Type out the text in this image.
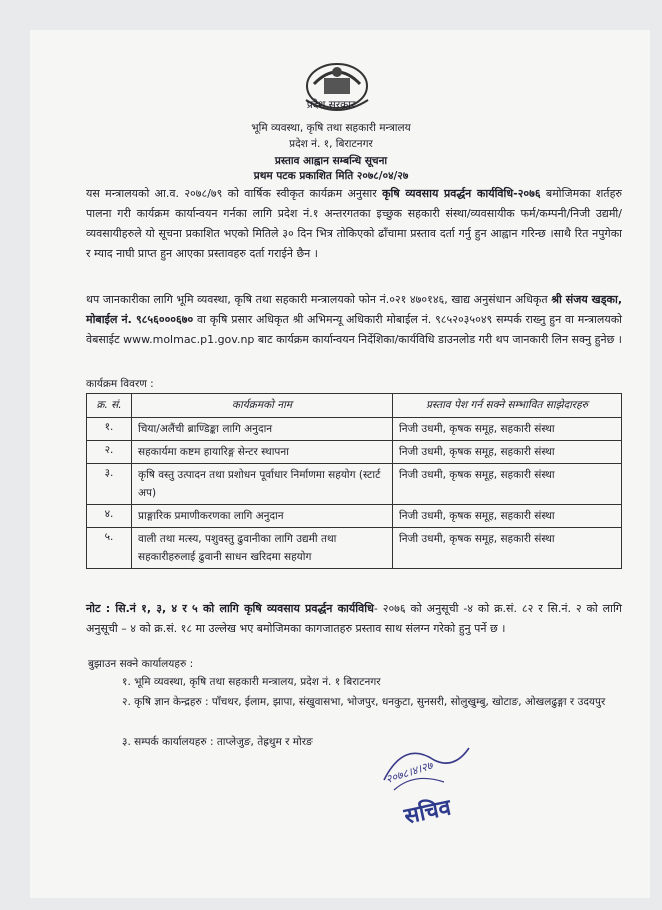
प्रदेश सरकार
भूमि व्यवस्था, कृषि तथा सहकारी मन्त्रालय
प्रदेश नं. १, बिराटनगर
प्रस्ताव आह्वान सम्बन्धि सूचना
प्रथम पटक प्रकाशित मिति २०७८/०४/२७

यस मन्त्रालयको आ.व. २०७८/७९ को वार्षिक स्वीकृत कार्यक्रम अनुसार कृषि व्यवसाय प्रवर्द्धन कार्यविधि-२०७६ बमोजिमका शर्तहरु पालना गरी कार्यक्रम कार्यान्वयन गर्नका लागि प्रदेश नं.१ अन्तरगतका इच्छुक सहकारी संस्था/व्यवसायीक फर्म/कम्पनी/निजी उद्यमी/व्यवसायीहरुले यो सूचना प्रकाशित भएको मितिले ३० दिन भित्र तोकिएको ढाँचामा प्रस्ताव दर्ता गर्नु हुन आह्वान गरिन्छ ।साथै रित नपुगेका र म्याद नाघी प्राप्त हुन आएका प्रस्तावहरु दर्ता गराईने छैन ।

थप जानकारीका लागि भूमि व्यवस्था, कृषि तथा सहकारी मन्त्रालयको फोन नं.०२१ ४७०१४६, खाद्य अनुसंधान अधिकृत श्री संजय खड्का, मोबाईल नं. ९८५६०००६७० वा कृषि प्रसार अधिकृत श्री अभिमन्यू अधिकारी मोबाईल नं. ९८५२०३५०४९ सम्पर्क राख्नु हुन वा मन्त्रालयको वेबसाईट www.molmac.p1.gov.np बाट कार्यक्रम कार्यान्वयन निर्देशिका/कार्यविधि डाउनलोड गरी थप जानकारी लिन सक्नु हुनेछ ।

कार्यक्रम विवरण :
क्र. सं.	कार्यक्रमको नाम	प्रस्ताव पेश गर्न सक्ने सम्भावित साझेदारहरु
१.	चिया/अलैंची ब्राण्डिङ्का लागि अनुदान	निजी उधमी, कृषक समूह, सहकारी संस्था
२.	सहकार्यमा कष्टम हायारिङ्ग सेन्टर स्थापना	निजी उधमी, कृषक समूह, सहकारी संस्था
३.	कृषि वस्तु उत्पादन तथा प्रशोधन पूर्वाधार निर्माणमा सहयोग (स्टार्ट अप)	निजी उधमी, कृषक समूह, सहकारी संस्था
४.	प्राङ्गारिक प्रमाणीकरणका लागि अनुदान	निजी उधमी, कृषक समूह, सहकारी संस्था
५.	वाली तथा मत्स्य, पशुवस्तु ढुवानीका लागि उद्यमी तथा सहकारीहरुलाई ढुवानी साधन खरिदमा सहयोग	निजी उधमी, कृषक समूह, सहकारी संस्था
नोट : सि.नं १, ३, ४ र ५ को लागि कृषि व्यवसाय प्रवर्द्धन कार्यविधि- २०७६ को अनुसूची -४ को क्र.सं. ८२ र सि.नं. २ को लागि अनुसूची – ४ को क्र.सं. १८ मा उल्लेख भए बमोजिमका कागजातहरु प्रस्ताव साथ संलग्न गरेको हुनु पर्ने छ ।
बुझाउन सक्ने कार्यालयहरु :
१. भूमि व्यवस्था, कृषि तथा सहकारी मन्त्रालय, प्रदेश नं. १ बिराटनगर
२. कृषि ज्ञान केन्द्रहरु : पाँचथर, ईलाम, झापा, संखुवासभा, भोजपुर, धनकुटा, सुनसरी, सोलुखुम्बु, खोटाङ, ओखलढुङ्गा र उदयपुर
३. सम्पर्क कार्यालयहरु : ताप्लेजुङ, तेह्रथुम र मोरङ
२०७८।४।२७
सचिव
